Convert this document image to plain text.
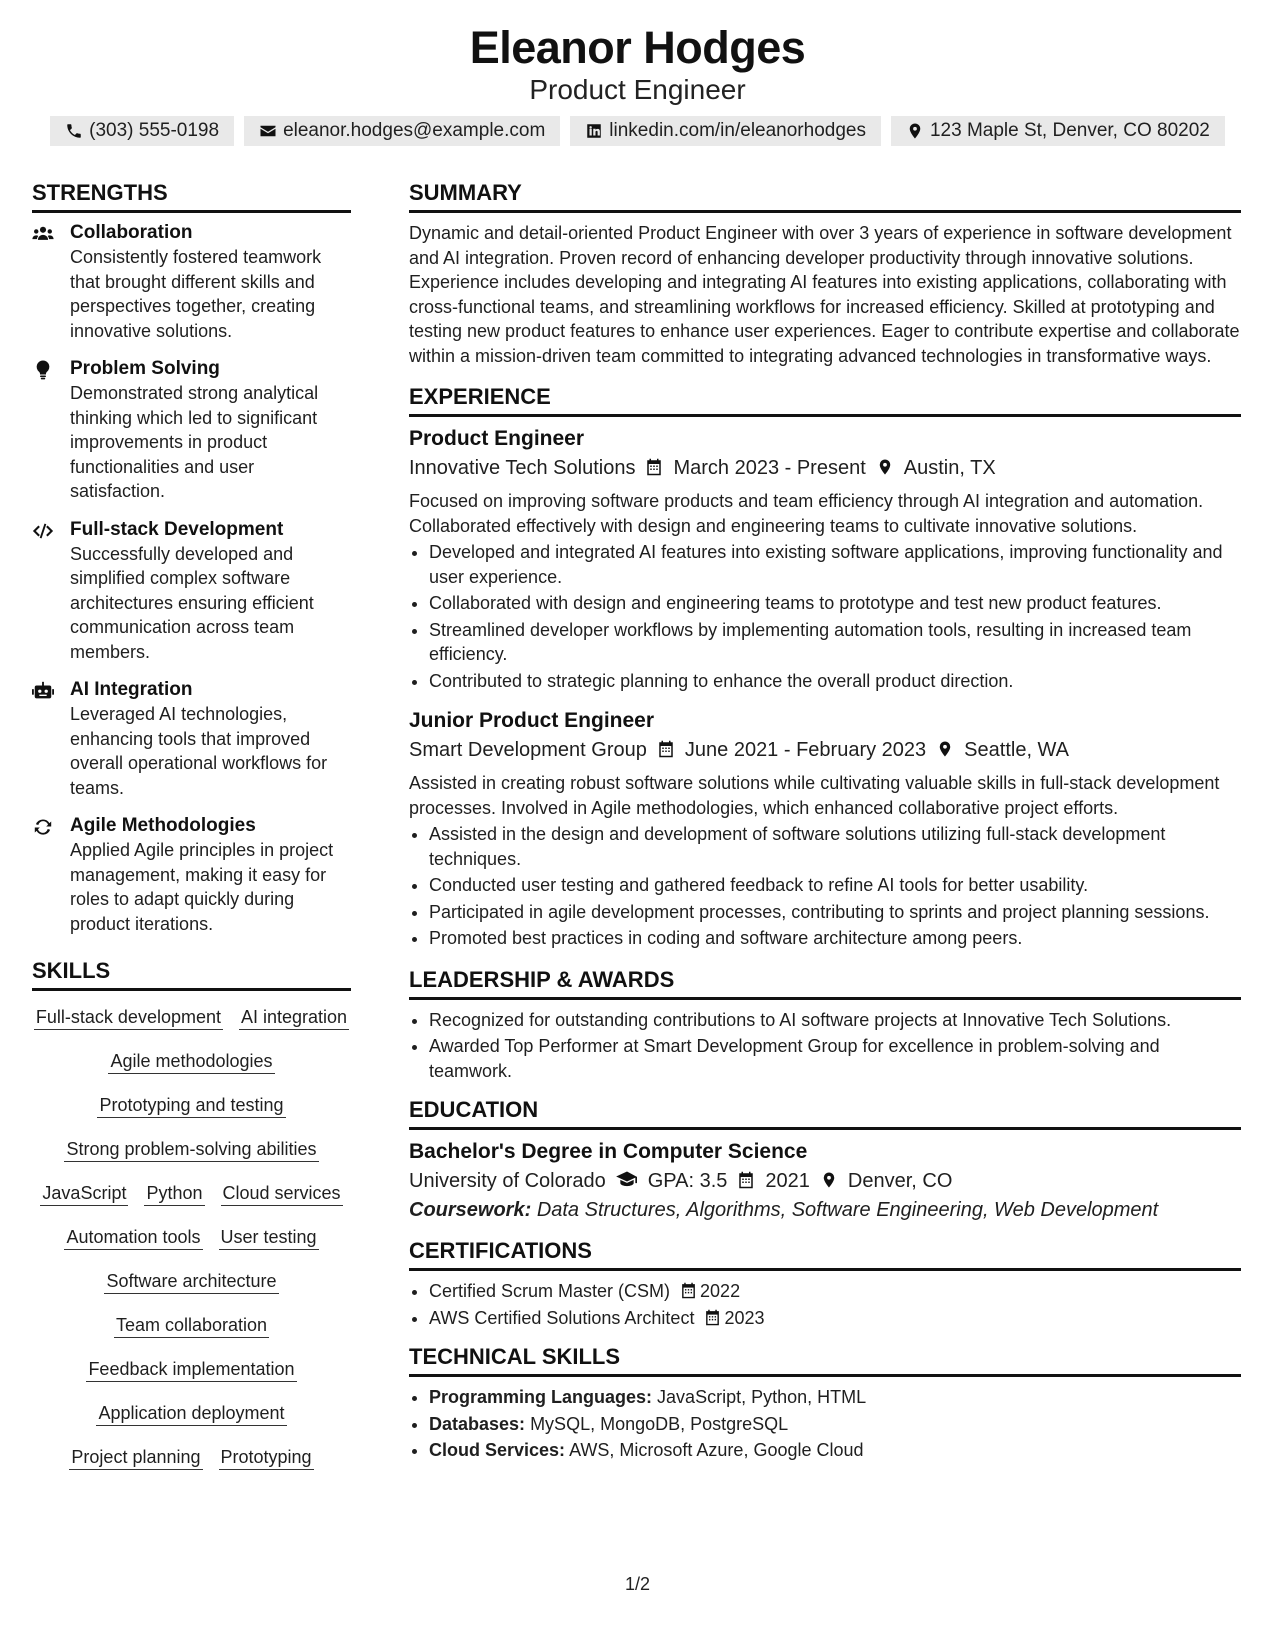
Eleanor Hodges
Product Engineer
(303) 555-0198	eleanor.hodges@example.com	linkedin.com/in/eleanorhodges	123 Maple St, Denver, CO 80202
STRENGTHS
Collaboration
Consistently fostered teamwork that brought different skills and perspectives together, creating innovative solutions.
Problem Solving
Demonstrated strong analytical thinking which led to significant improvements in product functionalities and user satisfaction.
Full-stack Development
Successfully developed and simplified complex software architectures ensuring efficient communication across team members.
AI Integration
Leveraged AI technologies, enhancing tools that improved overall operational workflows for teams.
Agile Methodologies
Applied Agile principles in project management, making it easy for roles to adapt quickly during product iterations.
SKILLS
Full-stack development AI integration
Agile methodologies
Prototyping and testing
Strong problem-solving abilities
JavaScript Python Cloud services
Automation tools User testing
Software architecture
Team collaboration
Feedback implementation
Application deployment
Project planning Prototyping
SUMMARY

Dynamic and detail-oriented Product Engineer with over 3 years of experience in software development and AI integration. Proven record of enhancing developer productivity through innovative solutions. Experience includes developing and integrating AI features into existing applications, collaborating with cross-functional teams, and streamlining workflows for increased efficiency. Skilled at prototyping and testing new product features to enhance user experiences. Eager to contribute expertise and collaborate within a mission-driven team committed to integrating advanced technologies in transformative ways.

EXPERIENCE
Product Engineer
Innovative Tech Solutions March 2023 - Present Austin, TX

Focused on improving software products and team efficiency through AI integration and automation. Collaborated effectively with design and engineering teams to cultivate innovative solutions.

• Developed and integrated AI features into existing software applications, improving functionality and user experience.
• Collaborated with design and engineering teams to prototype and test new product features.
• Streamlined developer workflows by implementing automation tools, resulting in increased team efficiency.
• Contributed to strategic planning to enhance the overall product direction.
Junior Product Engineer
Smart Development Group June 2021 - February 2023 Seattle, WA

Assisted in creating robust software solutions while cultivating valuable skills in full-stack development processes. Involved in Agile methodologies, which enhanced collaborative project efforts.

• Assisted in the design and development of software solutions utilizing full-stack development techniques.
• Conducted user testing and gathered feedback to refine AI tools for better usability.
• Participated in agile development processes, contributing to sprints and project planning sessions.
• Promoted best practices in coding and software architecture among peers.
LEADERSHIP & AWARDS
• Recognized for outstanding contributions to AI software projects at Innovative Tech Solutions.
• Awarded Top Performer at Smart Development Group for excellence in problem-solving and teamwork.
EDUCATION
Bachelor's Degree in Computer Science
University of Colorado GPA: 3.5 2021 Denver, CO
Coursework: Data Structures, Algorithms, Software Engineering, Web Development
CERTIFICATIONS
• Certified Scrum Master (CSM) 2022
• AWS Certified Solutions Architect 2023
TECHNICAL SKILLS
• Programming Languages: JavaScript, Python, HTML
• Databases: MySQL, MongoDB, PostgreSQL
• Cloud Services: AWS, Microsoft Azure, Google Cloud
1/2
